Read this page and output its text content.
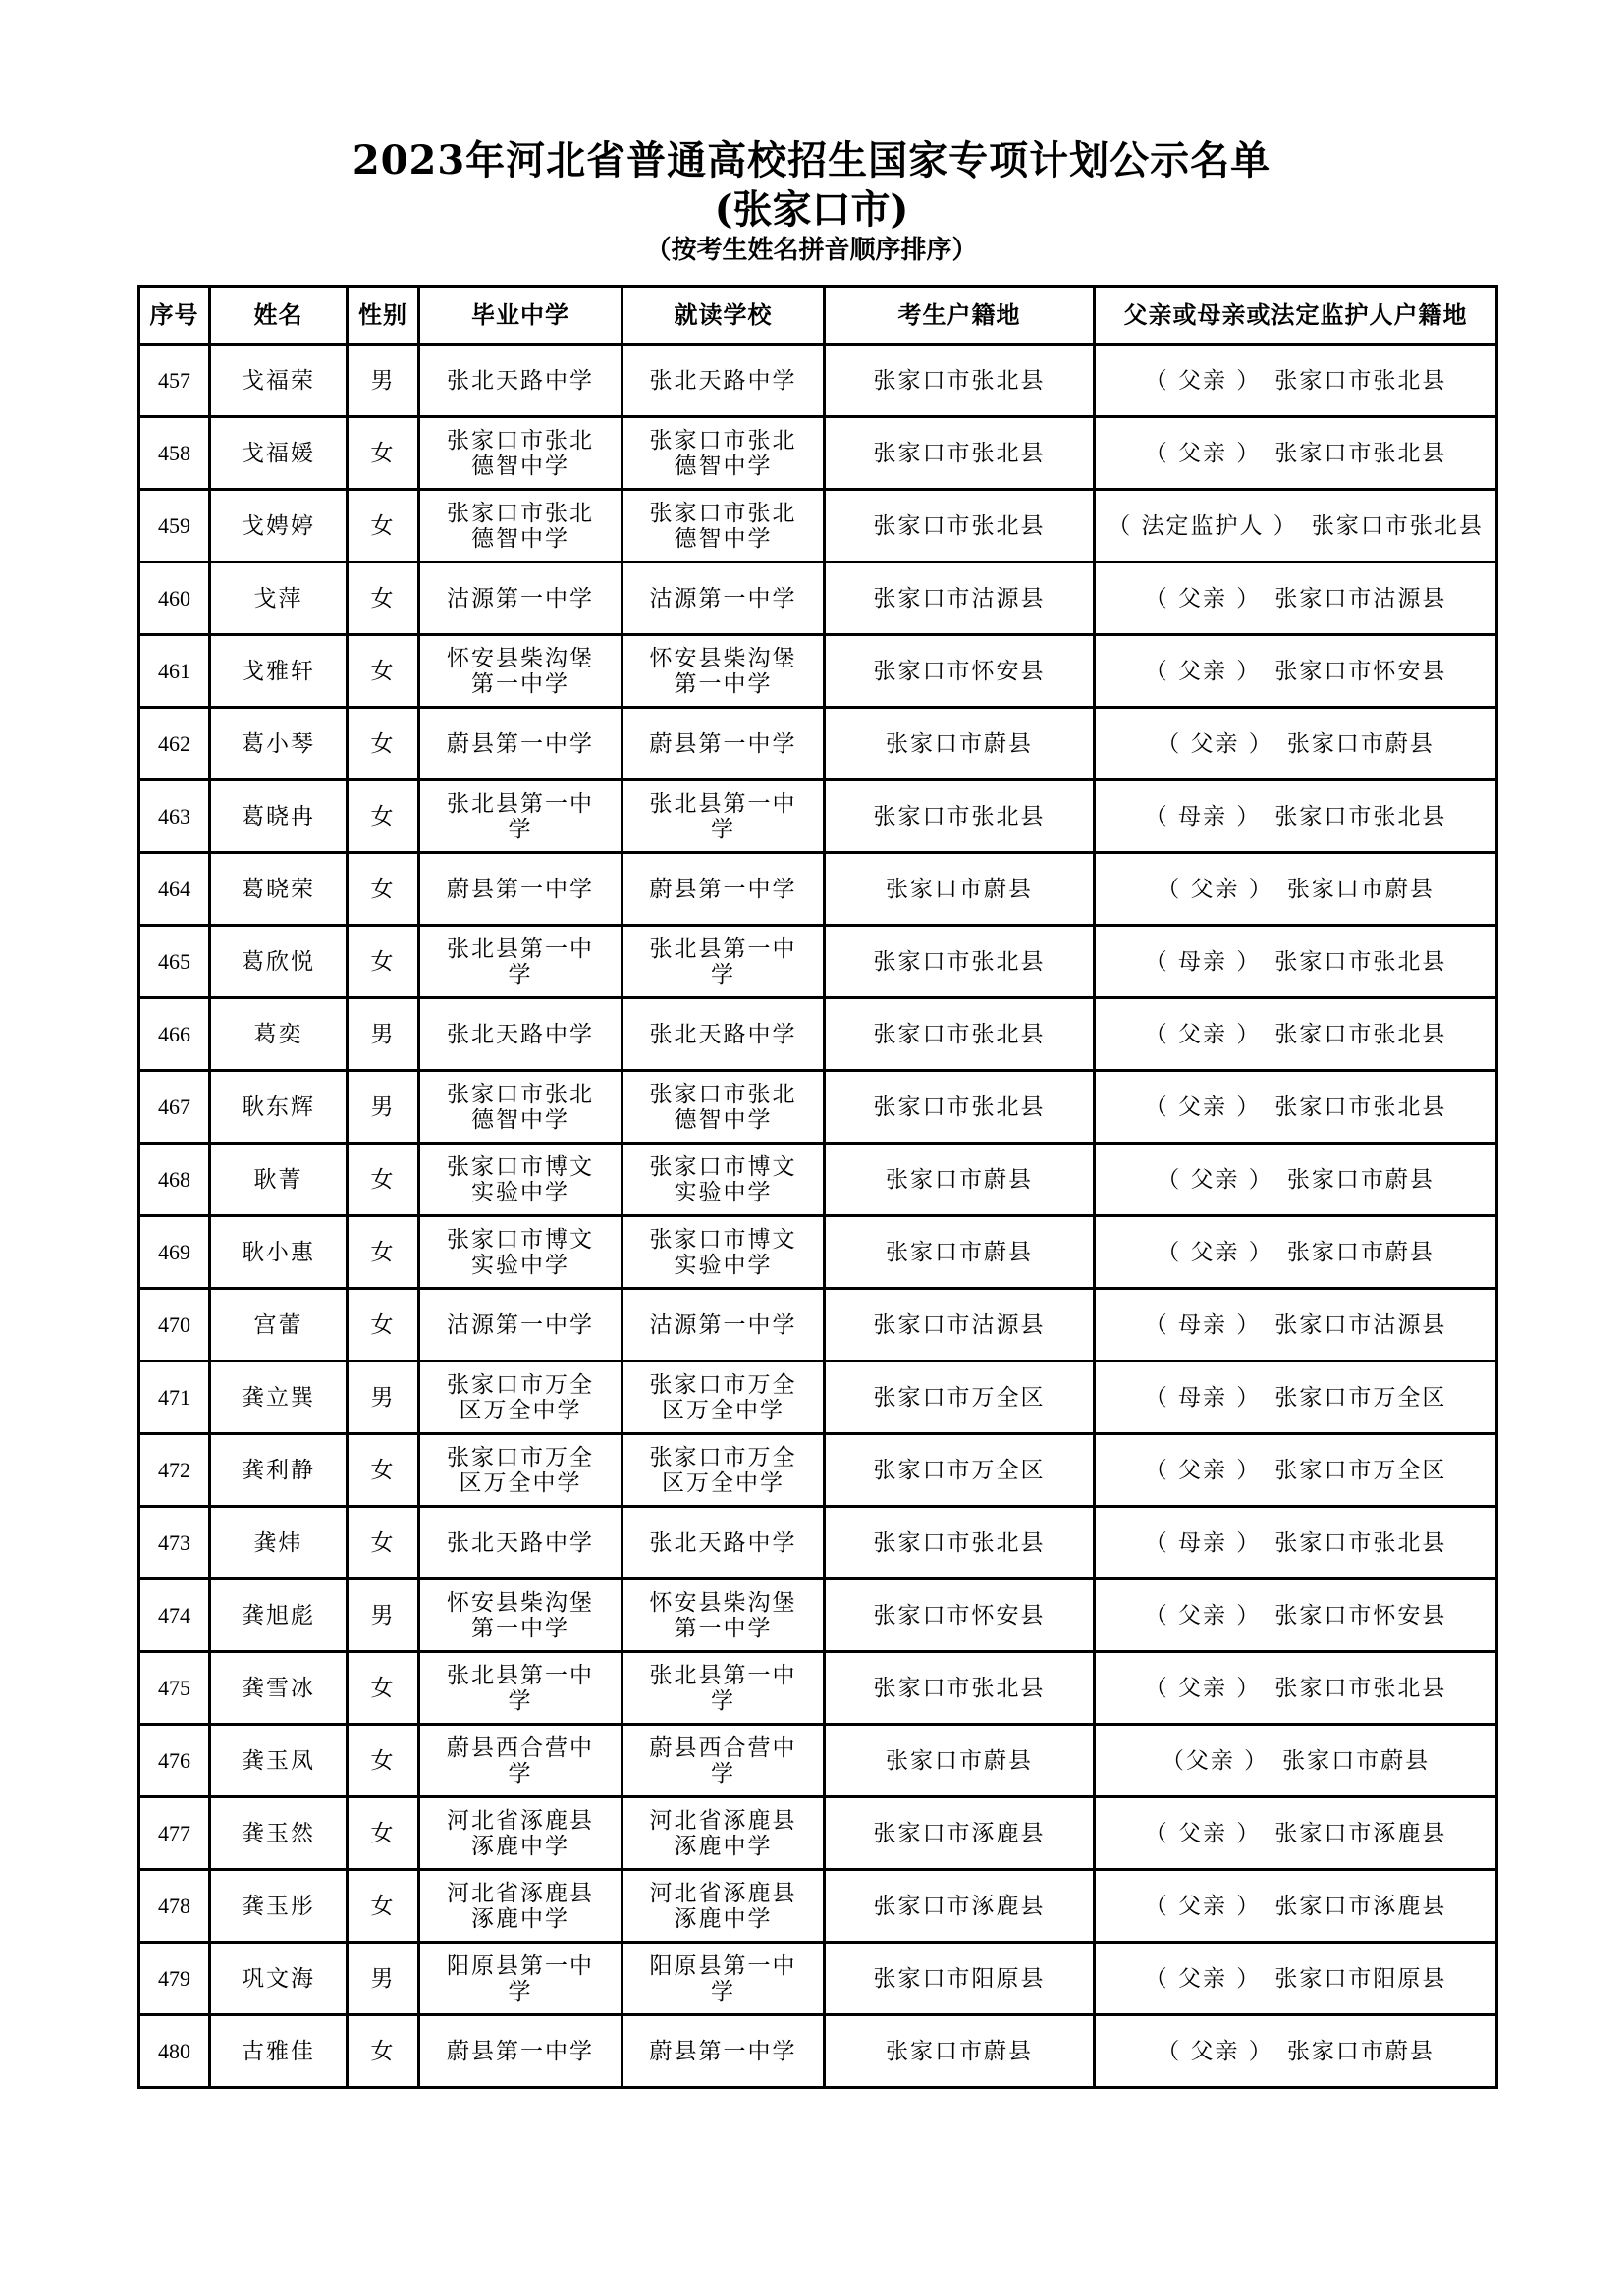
2023年河北省普通高校招生国家专项计划公示名单
(张家口市)
（按考生姓名拼音顺序排序）
序号	姓名	性别	毕业中学	就读学校	考生户籍地	父亲或母亲或法定监护人户籍地
457	戈福荣	男	张北天路中学	张北天路中学	张家口市张北县	（ 父亲 ） 张家口市张北县
458	戈福媛	女	张家口市张北德智中学	张家口市张北德智中学	张家口市张北县	（ 父亲 ） 张家口市张北县
459	戈娉婷	女	张家口市张北德智中学	张家口市张北德智中学	张家口市张北县	（ 法定监护人 ） 张家口市张北县
460	戈萍	女	沽源第一中学	沽源第一中学	张家口市沽源县	（ 父亲 ） 张家口市沽源县
461	戈雅轩	女	怀安县柴沟堡第一中学	怀安县柴沟堡第一中学	张家口市怀安县	（ 父亲 ） 张家口市怀安县
462	葛小琴	女	蔚县第一中学	蔚县第一中学	张家口市蔚县	（ 父亲 ） 张家口市蔚县
463	葛晓冉	女	张北县第一中学	张北县第一中学	张家口市张北县	（ 母亲 ） 张家口市张北县
464	葛晓荣	女	蔚县第一中学	蔚县第一中学	张家口市蔚县	（ 父亲 ） 张家口市蔚县
465	葛欣悦	女	张北县第一中学	张北县第一中学	张家口市张北县	（ 母亲 ） 张家口市张北县
466	葛奕	男	张北天路中学	张北天路中学	张家口市张北县	（ 父亲 ） 张家口市张北县
467	耿东辉	男	张家口市张北德智中学	张家口市张北德智中学	张家口市张北县	（ 父亲 ） 张家口市张北县
468	耿菁	女	张家口市博文实验中学	张家口市博文实验中学	张家口市蔚县	（ 父亲 ） 张家口市蔚县
469	耿小惠	女	张家口市博文实验中学	张家口市博文实验中学	张家口市蔚县	（ 父亲 ） 张家口市蔚县
470	宫蕾	女	沽源第一中学	沽源第一中学	张家口市沽源县	（ 母亲 ） 张家口市沽源县
471	龚立巽	男	张家口市万全区万全中学	张家口市万全区万全中学	张家口市万全区	（ 母亲 ） 张家口市万全区
472	龚利静	女	张家口市万全区万全中学	张家口市万全区万全中学	张家口市万全区	（ 父亲 ） 张家口市万全区
473	龚炜	女	张北天路中学	张北天路中学	张家口市张北县	（ 母亲 ） 张家口市张北县
474	龚旭彪	男	怀安县柴沟堡第一中学	怀安县柴沟堡第一中学	张家口市怀安县	（ 父亲 ） 张家口市怀安县
475	龚雪冰	女	张北县第一中学	张北县第一中学	张家口市张北县	（ 父亲 ） 张家口市张北县
476	龚玉凤	女	蔚县西合营中学	蔚县西合营中学	张家口市蔚县	（父亲 ） 张家口市蔚县
477	龚玉然	女	河北省涿鹿县涿鹿中学	河北省涿鹿县涿鹿中学	张家口市涿鹿县	（ 父亲 ） 张家口市涿鹿县
478	龚玉彤	女	河北省涿鹿县涿鹿中学	河北省涿鹿县涿鹿中学	张家口市涿鹿县	（ 父亲 ） 张家口市涿鹿县
479	巩文海	男	阳原县第一中学	阳原县第一中学	张家口市阳原县	（ 父亲 ） 张家口市阳原县
480	古雅佳	女	蔚县第一中学	蔚县第一中学	张家口市蔚县	（ 父亲 ） 张家口市蔚县
